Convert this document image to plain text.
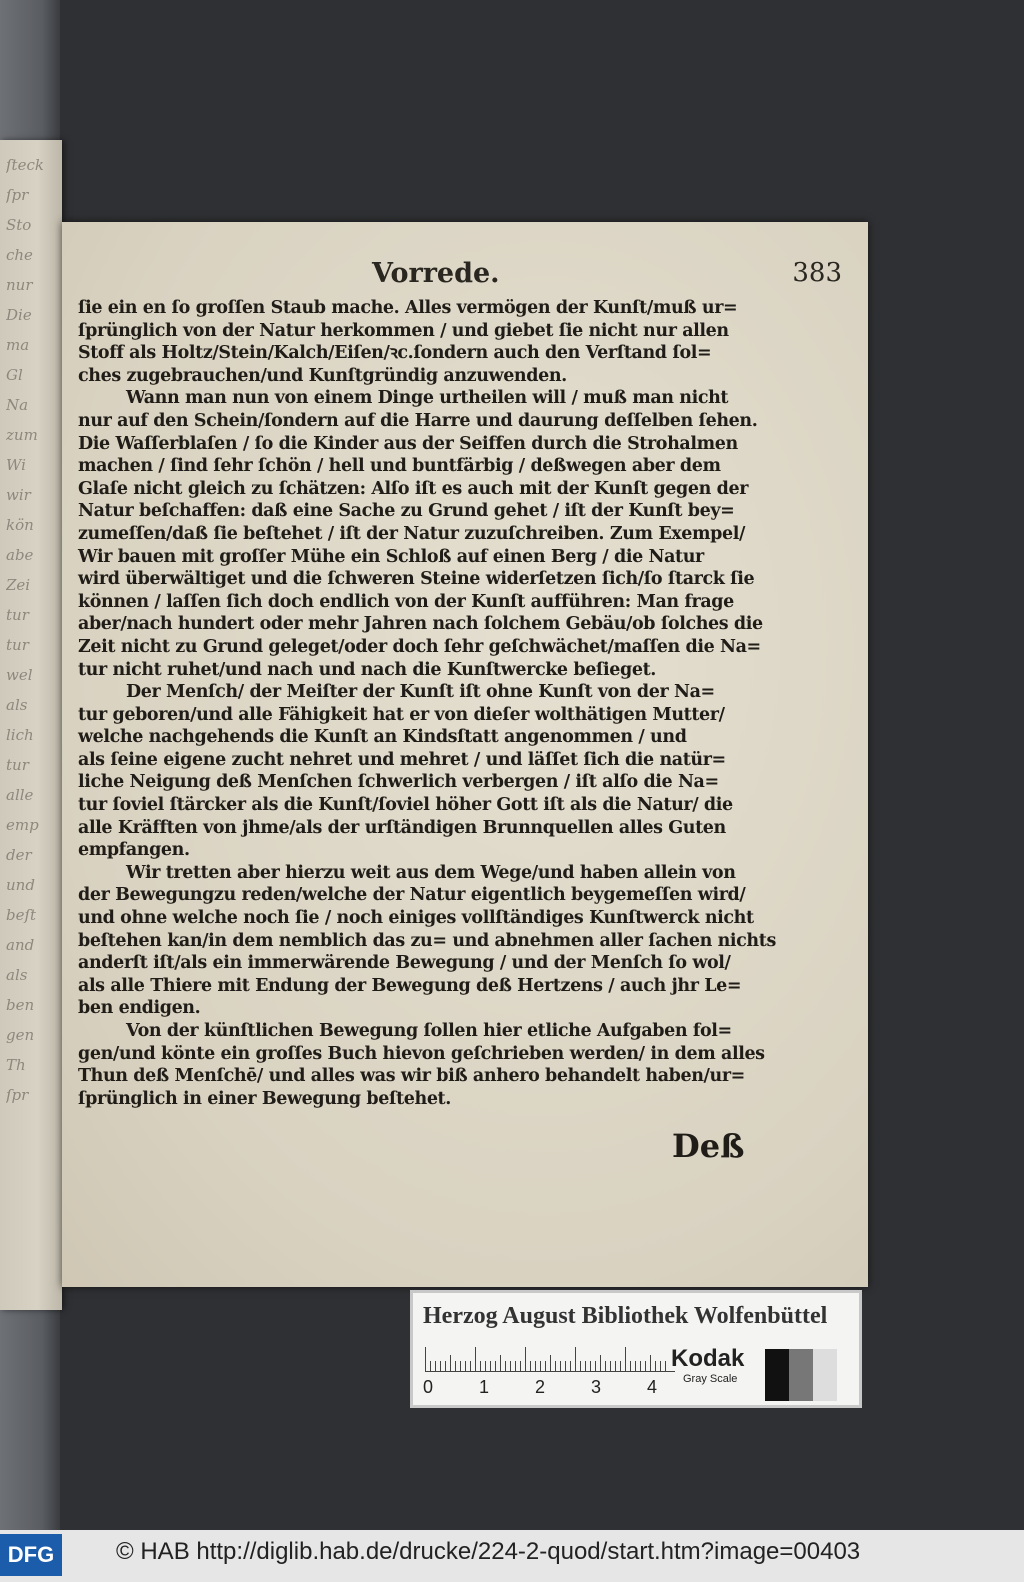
ſteck
ſpr
Sto
che
nur
Die
ma
Gl
Na
zum
Wi
wir
kön
abe
Zei
tur
tur
wel
als
lich
tur
alle
emp
der
und
beſt
and
als
ben
gen
Th
ſpr
Vorrede.	383
ſie ein en ſo groſſen Staub mache. Alles vermögen der Kunſt/muß ur=
ſprünglich von der Natur herkommen / und giebet ſie nicht nur allen
Stoff als Holtz/Stein/Kalch/Eiſen/ꝛc.ſondern auch den Verſtand ſol=
ches zugebrauchen/und Kunſtgründig anzuwenden.
Wann man nun von einem Dinge urtheilen will / muß man nicht
nur auf den Schein/ſondern auf die Harre und daurung deſſelben ſehen.
Die Waſſerblaſen / ſo die Kinder aus der Seiffen durch die Strohalmen
machen / ſind ſehr ſchön / hell und buntfärbig / deßwegen aber dem
Glaſe nicht gleich zu ſchätzen: Alſo iſt es auch mit der Kunſt gegen der
Natur beſchaffen: daß eine Sache zu Grund gehet / iſt der Kunſt bey=
zumeſſen/daß ſie beſtehet / iſt der Natur zuzuſchreiben. Zum Exempel/
Wir bauen mit groſſer Mühe ein Schloß auf einen Berg / die Natur
wird überwältiget und die ſchweren Steine widerſetzen ſich/ſo ſtarck ſie
können / laſſen ſich doch endlich von der Kunſt aufführen: Man frage
aber/nach hundert oder mehr Jahren nach ſolchem Gebäu/ob ſolches die
Zeit nicht zu Grund geleget/oder doch ſehr geſchwächet/maſſen die Na=
tur nicht ruhet/und nach und nach die Kunſtwercke beſieget.
Der Menſch/ der Meiſter der Kunſt iſt ohne Kunſt von der Na=
tur geboren/und alle Fähigkeit hat er von dieſer wolthätigen Mutter/
welche nachgehends die Kunſt an Kindsſtatt angenommen / und
als ſeine eigene zucht nehret und mehret / und läſſet ſich die natür=
liche Neigung deß Menſchen ſchwerlich verbergen / iſt alſo die Na=
tur ſoviel ſtärcker als die Kunſt/ſoviel höher Gott iſt als die Natur/ die
alle Kräfften von jhme/als der urſtändigen Brunnquellen alles Guten
empfangen.
Wir tretten aber hierzu weit aus dem Wege/und haben allein von
der Bewegungzu reden/welche der Natur eigentlich beygemeſſen wird/
und ohne welche noch ſie / noch einiges vollſtändiges Kunſtwerck nicht
beſtehen kan/in dem nemblich das zu= und abnehmen aller ſachen nichts
anderſt iſt/als ein immerwärende Bewegung / und der Menſch ſo wol/
als alle Thiere mit Endung der Bewegung deß Hertzens / auch jhr Le=
ben endigen.
Von der künſtlichen Bewegung ſollen hier etliche Aufgaben fol=
gen/und könte ein groſſes Buch hievon geſchrieben werden/ in dem alles
Thun deß Menſchē/ und alles was wir biß anhero behandelt haben/ur=
ſprünglich in einer Bewegung beſtehet.
Deß
Herzog August Bibliothek Wolfenbüttel
0	1	2	3	4
Kodak
Gray Scale
DFG	© HAB http://diglib.hab.de/drucke/224-2-quod/start.htm?image=00403
